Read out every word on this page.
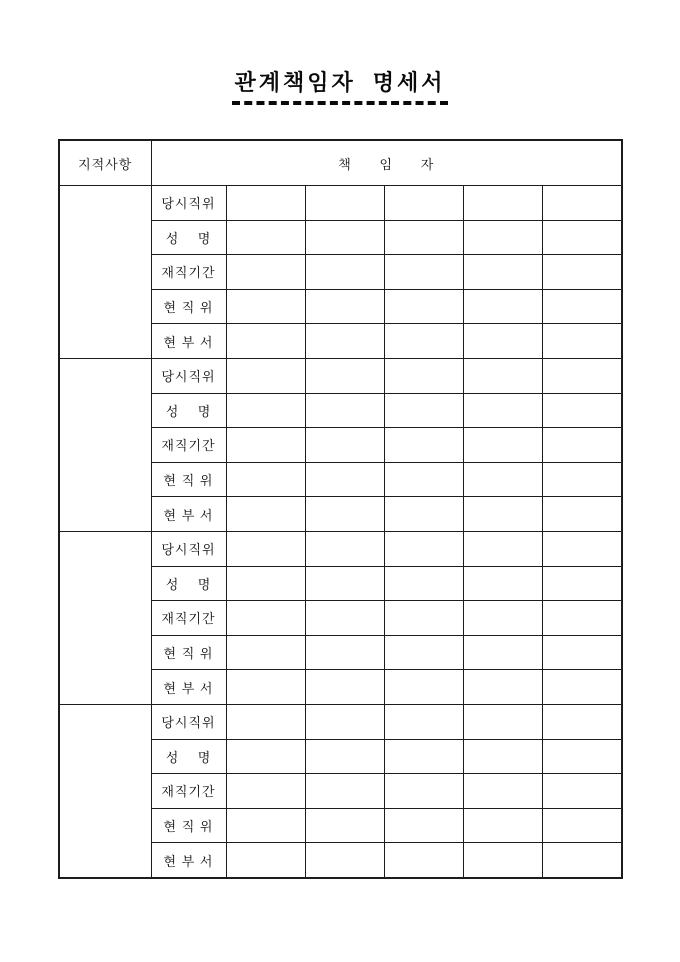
관계책임자  명세서
지적사항	책      임      자					
	당시직위					
	성    명					
	재직기간					
	현 직 위					
	현 부 서					
	당시직위					
	성    명					
	재직기간					
	현 직 위					
	현 부 서					
	당시직위					
	성    명					
	재직기간					
	현 직 위					
	현 부 서					
	당시직위					
	성    명					
	재직기간					
	현 직 위					
	현 부 서					
